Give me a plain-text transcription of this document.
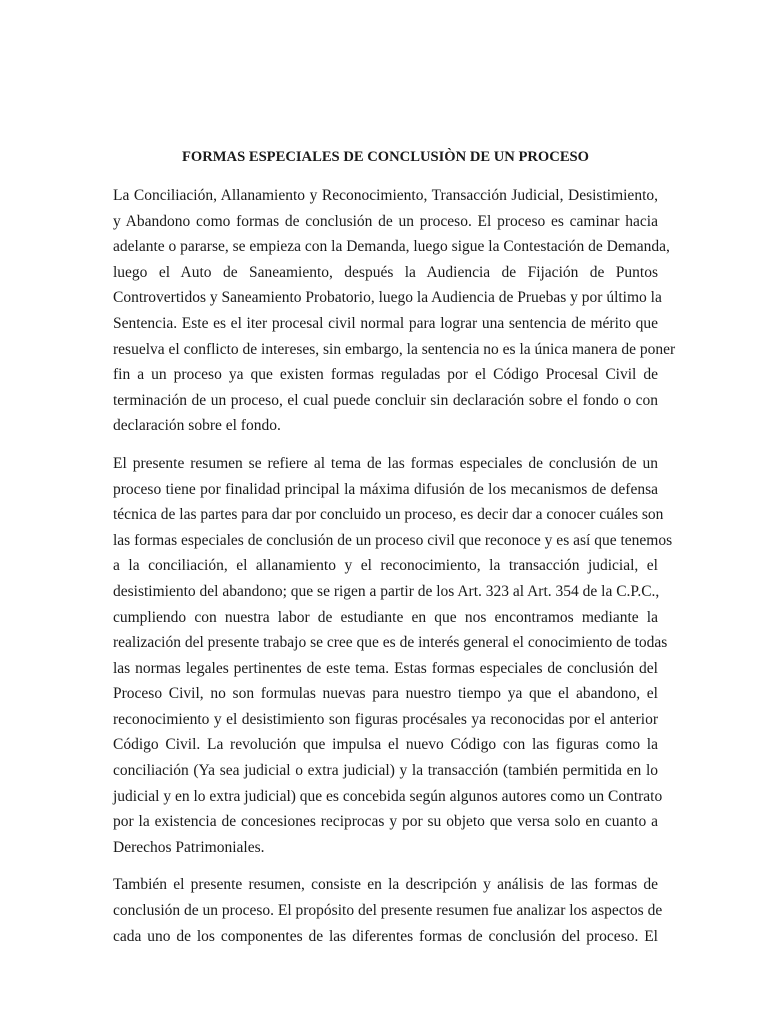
FORMAS ESPECIALES DE CONCLUSIÒN DE UN PROCESO

La Conciliación, Allanamiento y Reconocimiento, Transacción Judicial, Desistimiento,
y Abandono como formas de conclusión de un proceso. El proceso es caminar hacia
adelante o pararse, se empieza con la Demanda, luego sigue la Contestación de Demanda,
luego el Auto de Saneamiento, después la Audiencia de Fijación de Puntos
Controvertidos y Saneamiento Probatorio, luego la Audiencia de Pruebas y por último la
Sentencia. Este es el iter procesal civil normal para lograr una sentencia de mérito que
resuelva el conflicto de intereses, sin embargo, la sentencia no es la única manera de poner
fin a un proceso ya que existen formas reguladas por el Código Procesal Civil de
terminación de un proceso, el cual puede concluir sin declaración sobre el fondo o con
declaración sobre el fondo.

El presente resumen se refiere al tema de las formas especiales de conclusión de un
proceso tiene por finalidad principal la máxima difusión de los mecanismos de defensa
técnica de las partes para dar por concluido un proceso, es decir dar a conocer cuáles son
las formas especiales de conclusión de un proceso civil que reconoce y es así que tenemos
a la conciliación, el allanamiento y el reconocimiento, la transacción judicial, el
desistimiento del abandono; que se rigen a partir de los Art. 323 al Art. 354 de la C.P.C.,
cumpliendo con nuestra labor de estudiante en que nos encontramos mediante la
realización del presente trabajo se cree que es de interés general el conocimiento de todas
las normas legales pertinentes de este tema. Estas formas especiales de conclusión del
Proceso Civil, no son formulas nuevas para nuestro tiempo ya que el abandono, el
reconocimiento y el desistimiento son figuras procésales ya reconocidas por el anterior
Código Civil. La revolución que impulsa el nuevo Código con las figuras como la
conciliación (Ya sea judicial o extra judicial) y la transacción (también permitida en lo
judicial y en lo extra judicial) que es concebida según algunos autores como un Contrato
por la existencia de concesiones reciprocas y por su objeto que versa solo en cuanto a
Derechos Patrimoniales.

También el presente resumen, consiste en la descripción y análisis de las formas de
conclusión de un proceso. El propósito del presente resumen fue analizar los aspectos de
cada uno de los componentes de las diferentes formas de conclusión del proceso. El
